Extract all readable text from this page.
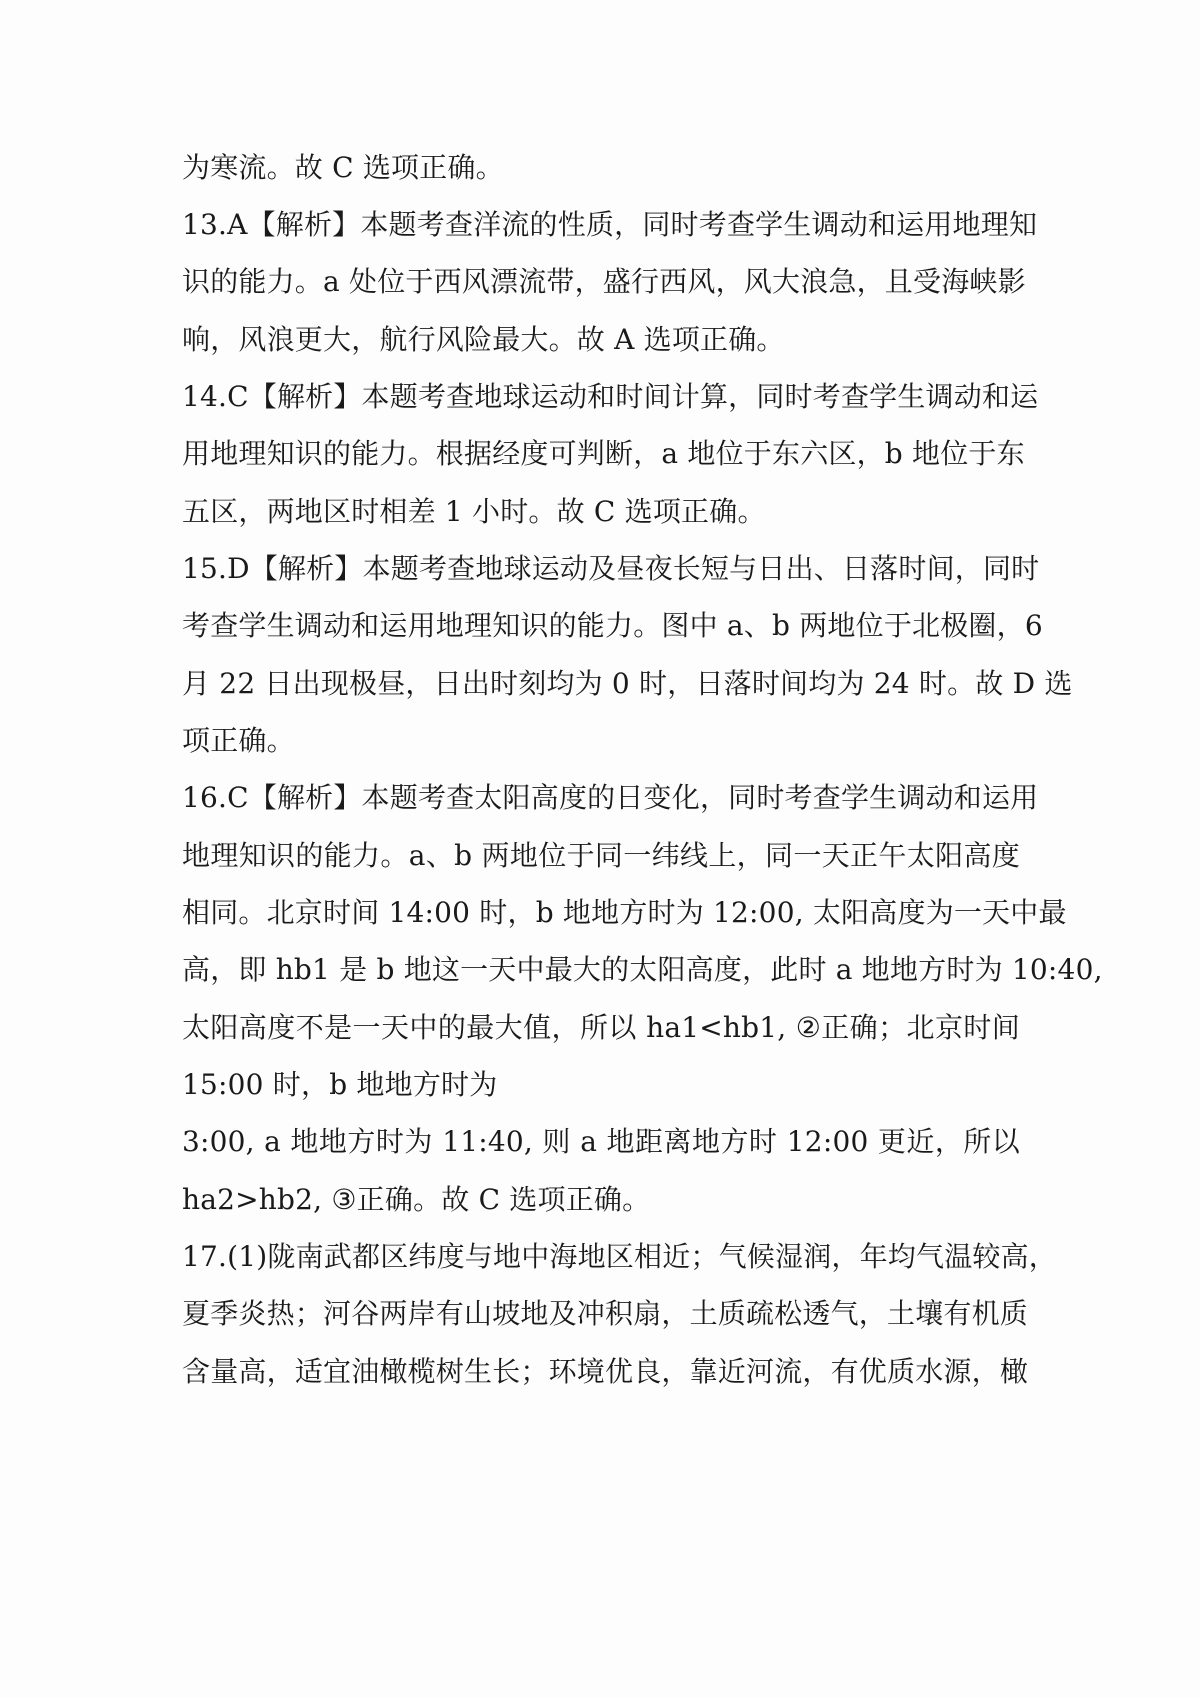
为寒流。故 C 选项正确。
13.A【解析】本题考查洋流的性质，同时考查学生调动和运用地理知
识的能力。a 处位于西风漂流带，盛行西风，风大浪急，且受海峡影
响，风浪更大，航行风险最大。故 A 选项正确。
14.C【解析】本题考查地球运动和时间计算，同时考查学生调动和运
用地理知识的能力。根据经度可判断，a 地位于东六区，b 地位于东
五区，两地区时相差 1 小时。故 C 选项正确。
15.D【解析】本题考查地球运动及昼夜长短与日出、日落时间，同时
考查学生调动和运用地理知识的能力。图中 a、b 两地位于北极圈，6
月 22 日出现极昼，日出时刻均为 0 时，日落时间均为 24 时。故 D 选
项正确。
16.C【解析】本题考查太阳高度的日变化，同时考查学生调动和运用
地理知识的能力。a、b 两地位于同一纬线上，同一天正午太阳高度
相同。北京时间 14:00 时，b 地地方时为 12:00, 太阳高度为一天中最
高，即 hb1 是 b 地这一天中最大的太阳高度，此时 a 地地方时为 10:40,
太阳高度不是一天中的最大值，所以 ha1<hb1, ②正确；北京时间
15:00 时，b 地地方时为
3:00, a 地地方时为 11:40, 则 a 地距离地方时 12:00 更近，所以
ha2>hb2, ③正确。故 C 选项正确。
17.(1)陇南武都区纬度与地中海地区相近；气候湿润，年均气温较高，
夏季炎热；河谷两岸有山坡地及冲积扇，土质疏松透气，土壤有机质
含量高，适宜油橄榄树生长；环境优良，靠近河流，有优质水源，橄
